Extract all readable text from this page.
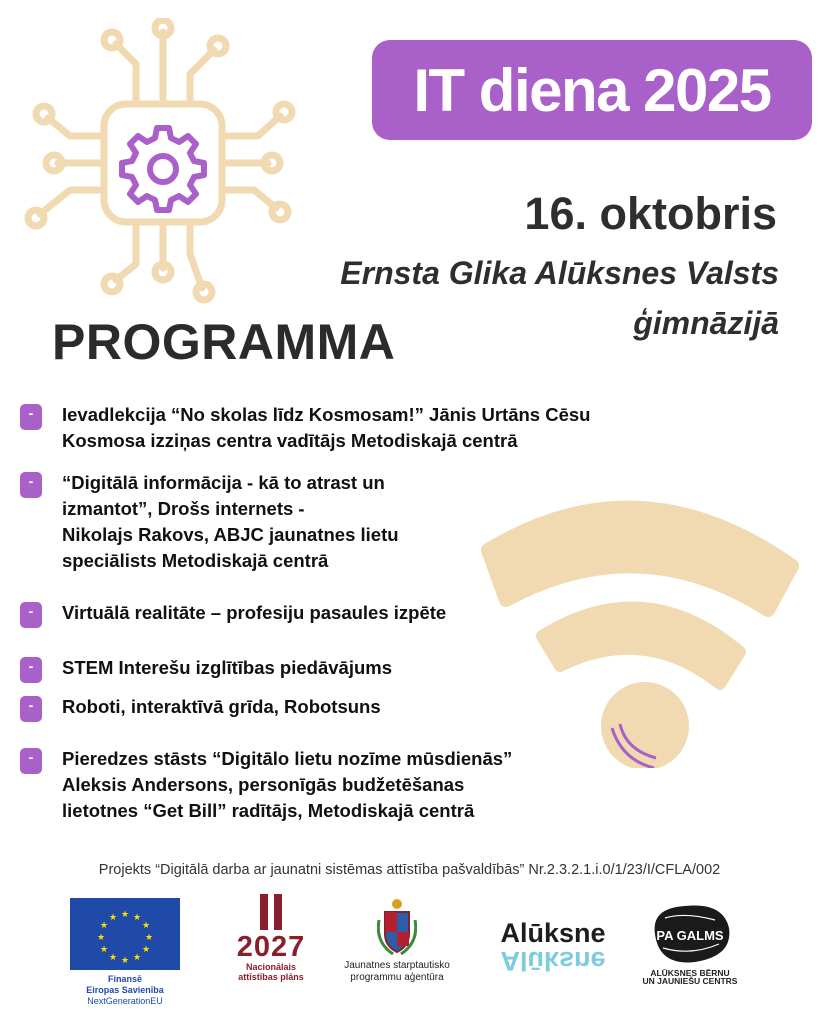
IT diena 2025
16. oktobris
Ernsta Glika Alūksnes Valsts ģimnāzijā
PROGRAMMA
-	Ievadlekcija “No skolas līdz Kosmosam!” Jānis Urtāns Cēsu
Kosmosa izziņas centra vadītājs Metodiskajā centrā
-	“Digitālā informācija - kā to atrast un
izmantot”, Drošs internets -
Nikolajs Rakovs, ABJC jaunatnes lietu
speciālists Metodiskajā centrā
-	Virtuālā realitāte – profesiju pasaules izpēte
-	STEM Interešu izglītības piedāvājums
-	Roboti, interaktīvā grīda, Robotsuns
-	Pieredzes stāsts “Digitālo lietu nozīme mūsdienās”
Aleksis Andersons, personīgās budžetēšanas
lietotnes “Get Bill” radītājs, Metodiskajā centrā
Projekts “Digitālā darba ar jaunatni sistēmas attīstība pašvaldībās” Nr.2.3.2.1.i.0/1/23/I/CFLA/002
★ ★
★
★
★
★
★
★
★
★
★
★
Finansē
Eiropas Savienība
NextGenerationEU
2027
Nacionālais
attīstības plāns
Jaunatnes starptautisko
programmu aģentūra
Alūksne
Alūksne
PA GALMS
ALŪKSNES BĒRNU
UN JAUNIEŠU CENTRS
